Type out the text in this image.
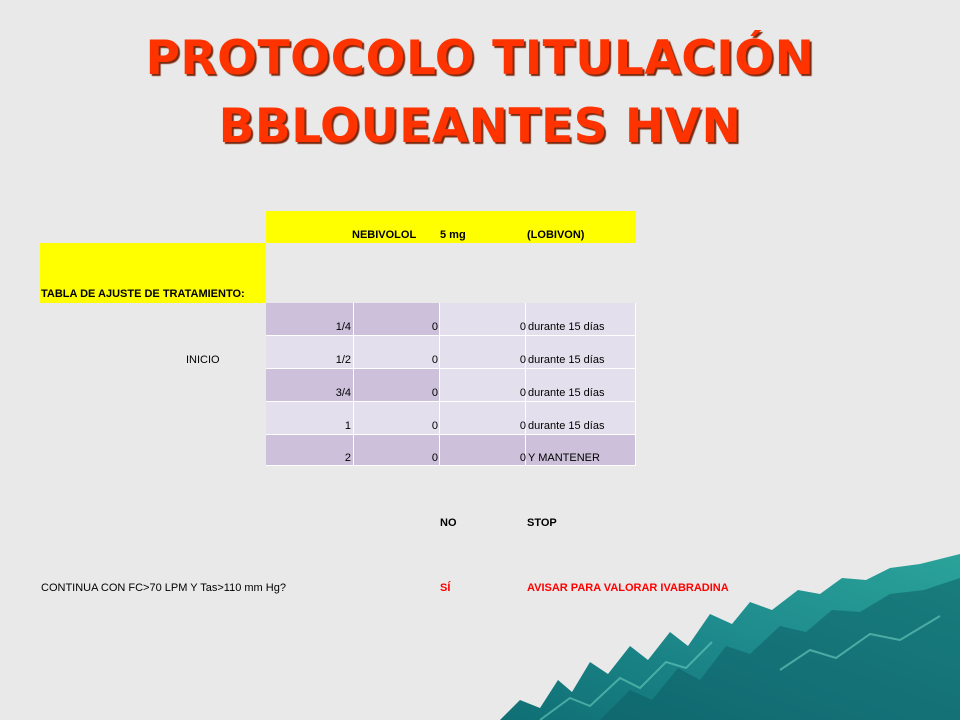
PROTOCOLO TITULACIÓN
BBLOUEANTES HVN
NEBIVOLOL 5 mg	(LOBIVON)
TABLA DE AJUSTE DE TRATAMIENTO:
INICIO
1/4	0	0 durante 15 días
1/2	0	0 durante 15 días
3/4	0	0 durante 15 días
1	0	0 durante 15 días
2	0	0 Y MANTENER
NO	STOP
CONTINUA CON FC>70 LPM Y Tas>110 mm Hg?	SÍ	AVISAR PARA VALORAR IVABRADINA
